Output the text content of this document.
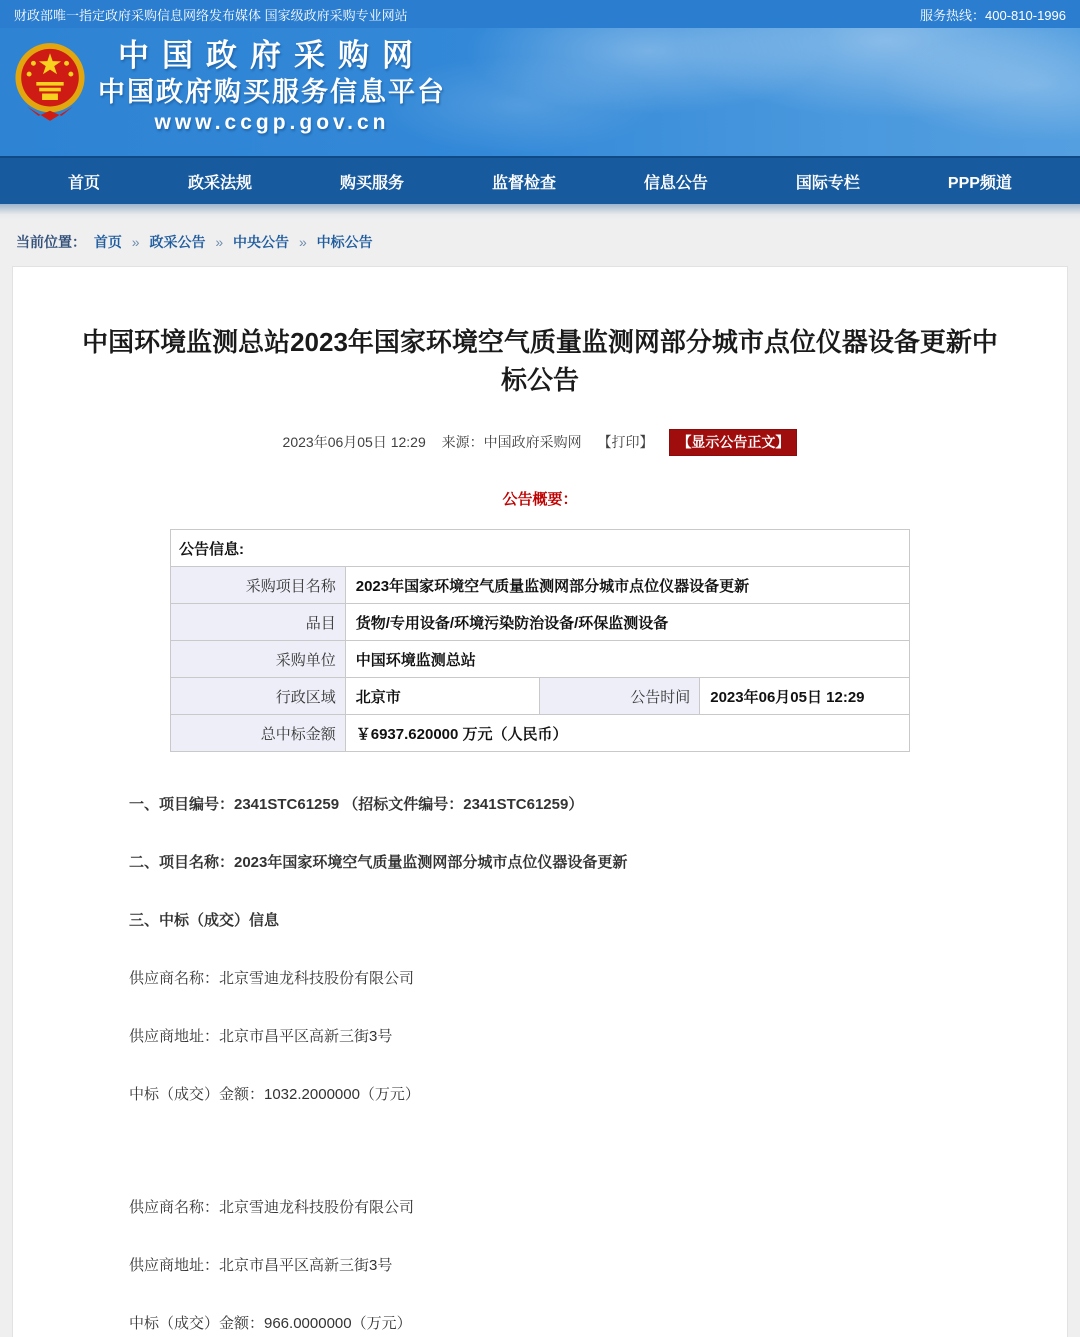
财政部唯一指定政府采购信息网络发布媒体 国家级政府采购专业网站	服务热线：400-810-1996
中国政府采购网
中国政府购买服务信息平台
www.ccgp.gov.cn
首页	政采法规	购买服务	监督检查	信息公告	国际专栏	PPP频道
当前位置： 首页 » 政采公告 » 中央公告 » 中标公告
中国环境监测总站2023年国家环境空气质量监测网部分城市点位仪器设备更新中标公告
2023年06月05日 12:29 来源：中国政府采购网 【打印】 【显示公告正文】
公告概要：
公告信息:			
采购项目名称	2023年国家环境空气质量监测网部分城市点位仪器设备更新		
品目	货物/专用设备/环境污染防治设备/环保监测设备		
采购单位	中国环境监测总站		
行政区域	北京市	公告时间	2023年06月05日 12:29
总中标金额	￥6937.620000 万元（人民币）		

一、项目编号：2341STC61259 （招标文件编号：2341STC61259）

二、项目名称：2023年国家环境空气质量监测网部分城市点位仪器设备更新

三、中标（成交）信息

供应商名称：北京雪迪龙科技股份有限公司

供应商地址：北京市昌平区高新三街3号

中标（成交）金额：1032.2000000（万元）

供应商名称：北京雪迪龙科技股份有限公司

供应商地址：北京市昌平区高新三街3号

中标（成交）金额：966.0000000（万元）
